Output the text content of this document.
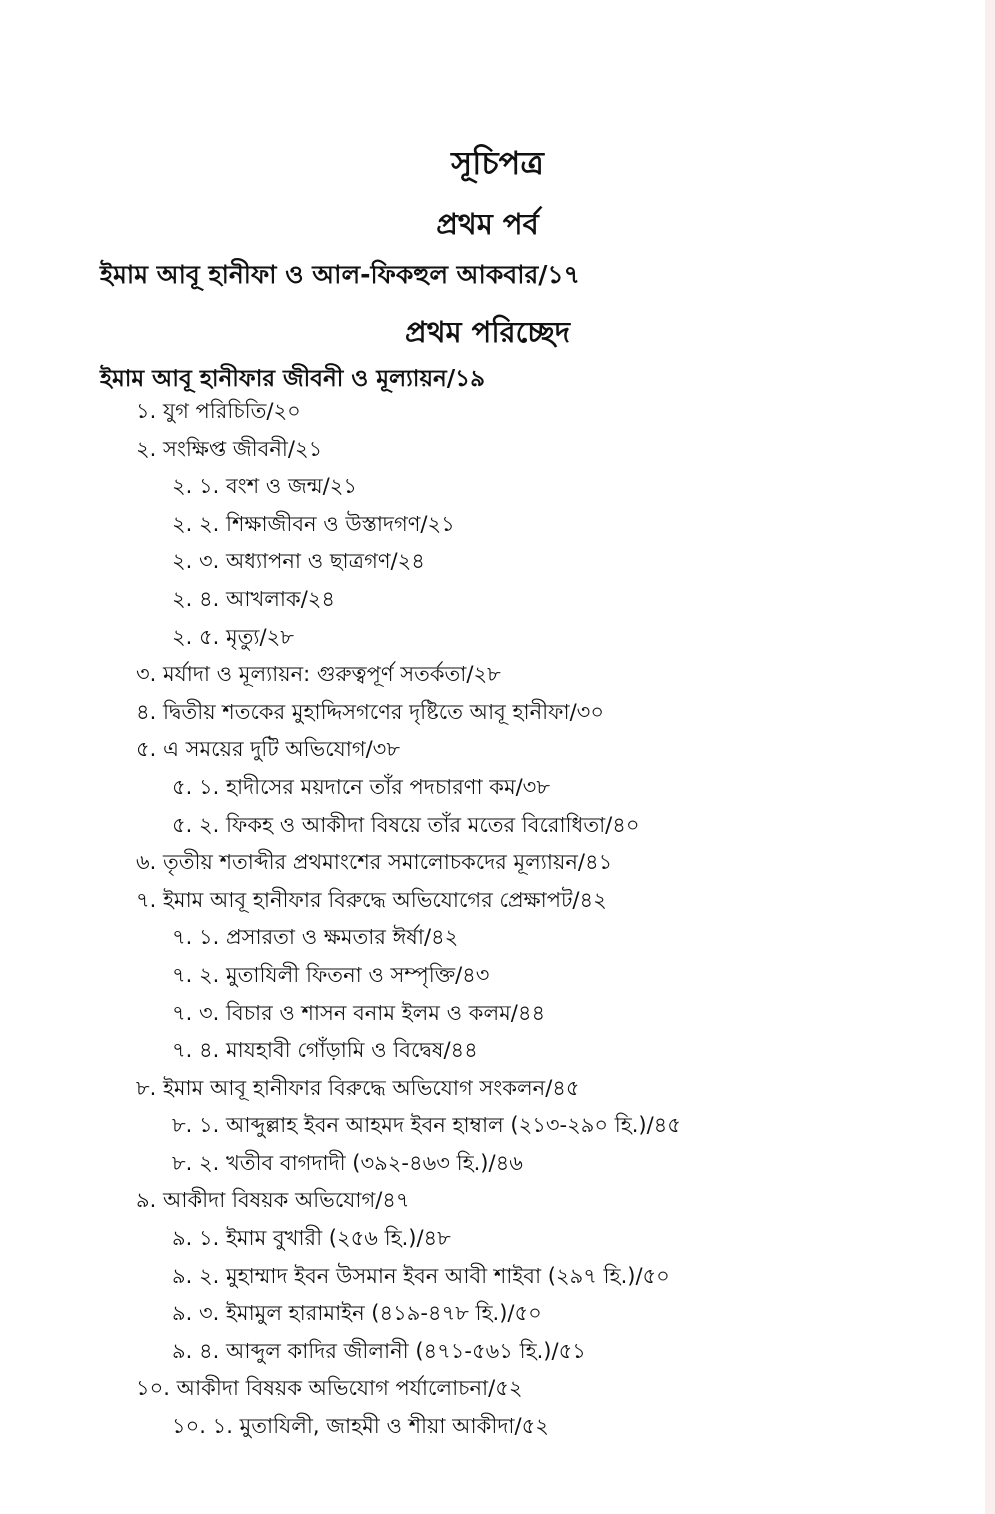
সূচিপত্র
প্রথম পর্ব
ইমাম আবূ হানীফা ও আল-ফিকহুল আকবার/১৭
প্রথম পরিচ্ছেদ
ইমাম আবূ হানীফার জীবনী ও মূল্যায়ন/১৯
১. যুগ পরিচিতি/২০
২. সংক্ষিপ্ত জীবনী/২১
২. ১. বংশ ও জন্ম/২১
২. ২. শিক্ষাজীবন ও উস্তাদগণ/২১
২. ৩. অধ্যাপনা ও ছাত্রগণ/২৪
২. ৪. আখলাক/২৪
২. ৫. মৃত্যু/২৮
৩. মর্যাদা ও মূল্যায়ন: গুরুত্বপূর্ণ সতর্কতা/২৮
৪. দ্বিতীয় শতকের মুহাদ্দিসগণের দৃষ্টিতে আবূ হানীফা/৩০
৫. এ সময়ের দুটি অভিযোগ/৩৮
৫. ১. হাদীসের ময়দানে তাঁর পদচারণা কম/৩৮
৫. ২. ফিকহ ও আকীদা বিষয়ে তাঁর মতের বিরোধিতা/৪০
৬. তৃতীয় শতাব্দীর প্রথমাংশের সমালোচকদের মূল্যায়ন/৪১
৭. ইমাম আবূ হানীফার বিরুদ্ধে অভিযোগের প্রেক্ষাপট/৪২
৭. ১. প্রসারতা ও ক্ষমতার ঈর্ষা/৪২
৭. ২. মুতাযিলী ফিতনা ও সম্পৃক্তি/৪৩
৭. ৩. বিচার ও শাসন বনাম ইলম ও কলম/৪৪
৭. ৪. মাযহাবী গোঁড়ামি ও বিদ্বেষ/৪৪
৮. ইমাম আবূ হানীফার বিরুদ্ধে অভিযোগ সংকলন/৪৫
৮. ১. আব্দুল্লাহ ইবন আহমদ ইবন হাম্বাল (২১৩-২৯০ হি.)/৪৫
৮. ২. খতীব বাগদাদী (৩৯২-৪৬৩ হি.)/৪৬
৯. আকীদা বিষয়ক অভিযোগ/৪৭
৯. ১. ইমাম বুখারী (২৫৬ হি.)/৪৮
৯. ২. মুহাম্মাদ ইবন উসমান ইবন আবী শাইবা (২৯৭ হি.)/৫০
৯. ৩. ইমামুল হারামাইন (৪১৯-৪৭৮ হি.)/৫০
৯. ৪. আব্দুল কাদির জীলানী (৪৭১-৫৬১ হি.)/৫১
১০. আকীদা বিষয়ক অভিযোগ পর্যালোচনা/৫২
১০. ১. মুতাযিলী, জাহমী ও শীয়া আকীদা/৫২
